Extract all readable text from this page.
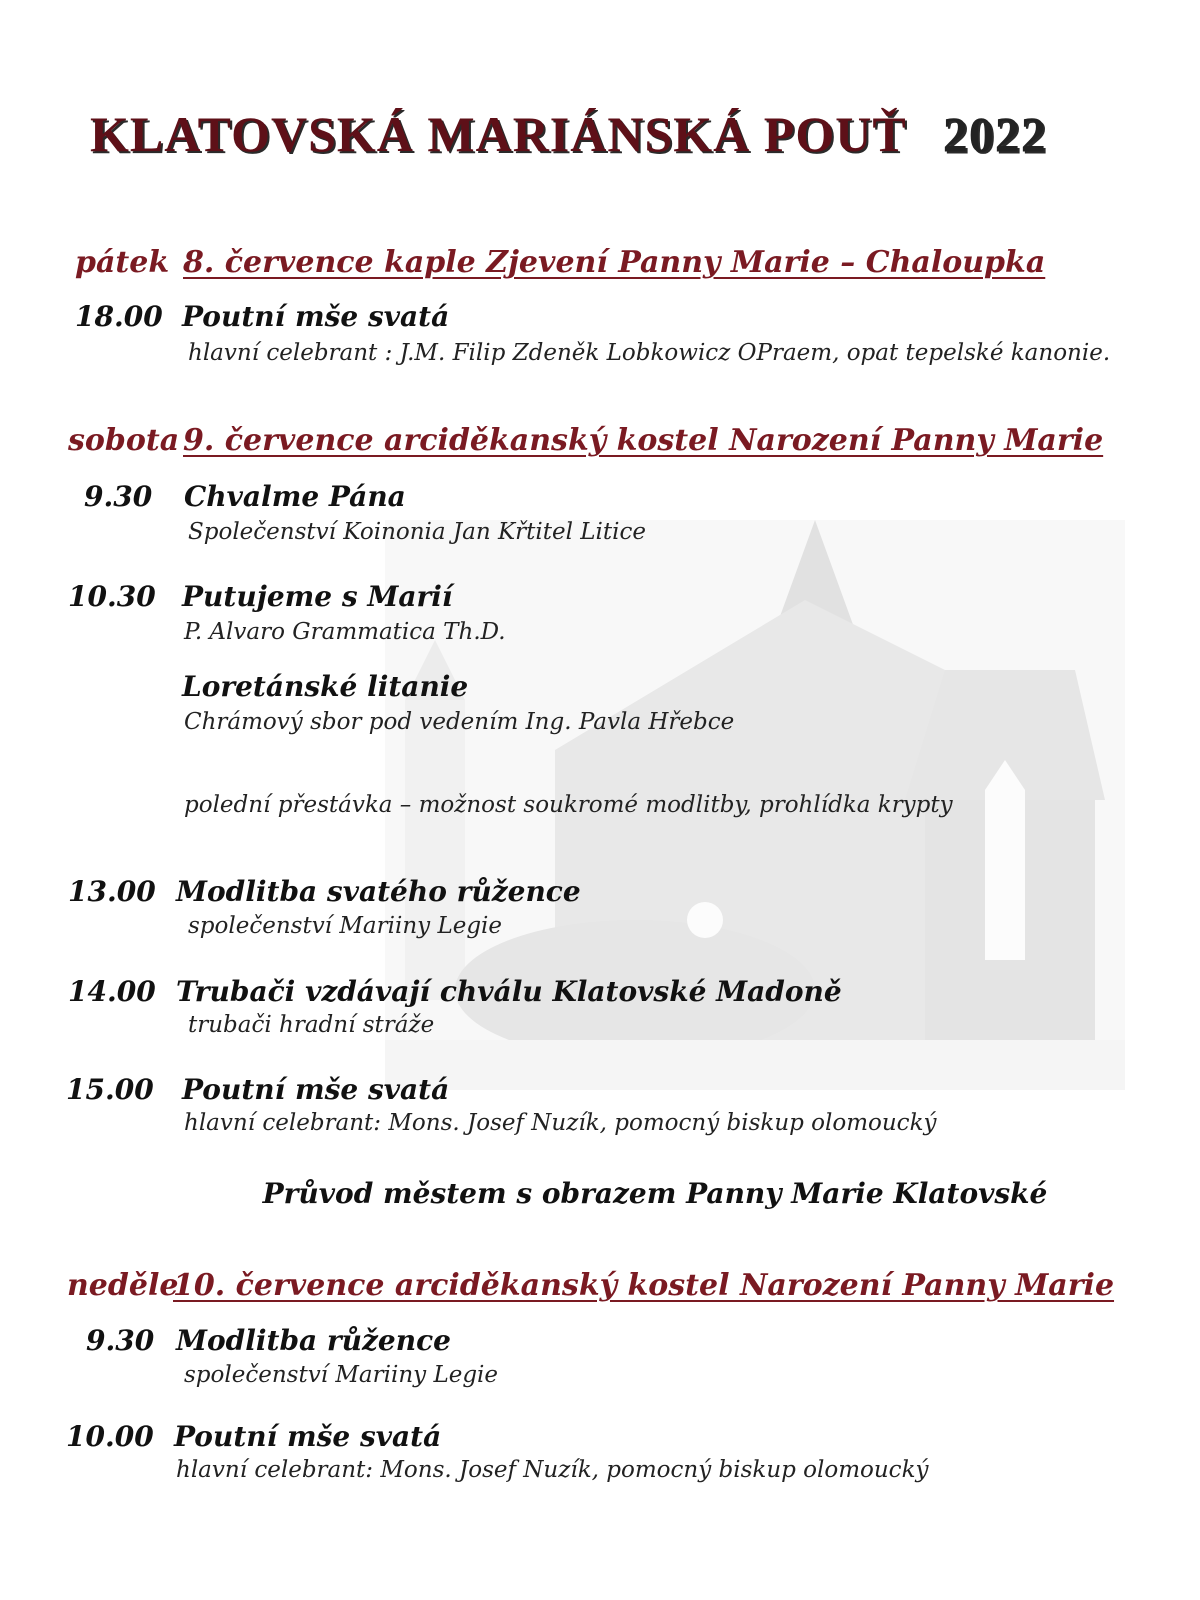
KLATOVSKÁ MARIÁNSKÁ POUŤ 2022
pátek 8. července kaple Zjevení Panny Marie – Chaloupka
18.00 Poutní mše svatá
hlavní celebrant : J.M. Filip Zdeněk Lobkowicz OPraem, opat tepelské kanonie.
sobota 9. července arciděkanský kostel Narození Panny Marie
9.30 Chvalme Pána
Společenství Koinonia Jan Křtitel Litice
10.30 Putujeme s Marií
P. Alvaro Grammatica Th.D.
Loretánské litanie
Chrámový sbor pod vedením Ing. Pavla Hřebce
polední přestávka – možnost soukromé modlitby, prohlídka krypty
13.00 Modlitba svatého růžence
společenství Mariiny Legie
14.00 Trubači vzdávají chválu Klatovské Madoně
trubači hradní stráže
15.00 Poutní mše svatá
hlavní celebrant: Mons. Josef Nuzík, pomocný biskup olomoucký
Průvod městem s obrazem Panny Marie Klatovské
neděle10. července arciděkanský kostel Narození Panny Marie
9.30 Modlitba růžence
společenství Mariiny Legie
10.00 Poutní mše svatá
hlavní celebrant: Mons. Josef Nuzík, pomocný biskup olomoucký
